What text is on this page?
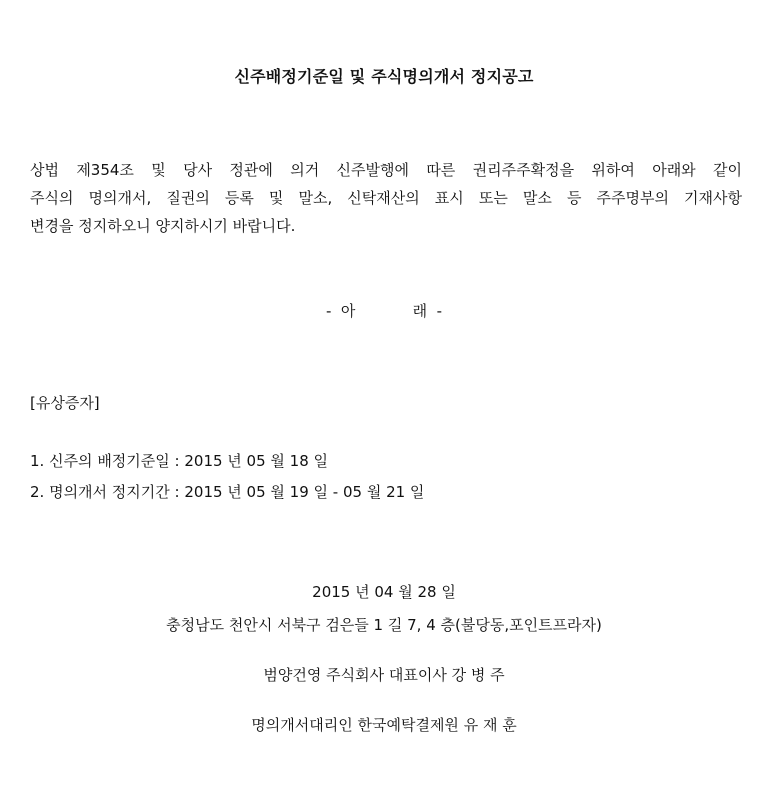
신주배정기준일 및 주식명의개서 정지공고
상법 제354조 및 당사 정관에 의거 신주발행에 따른 권리주주확정을 위하여 아래와 같이
주식의 명의개서, 질권의 등록 및 말소, 신탁재산의 표시 또는 말소 등 주주명부의 기재사항
변경을 정지하오니 양지하시기 바랍니다.
-  아            래  -
[유상증자]
1. 신주의 배정기준일 : 2015 년 05 월 18 일
2. 명의개서 정지기간 : 2015 년 05 월 19 일 - 05 월 21 일
2015 년 04 월 28 일
충청남도 천안시 서북구 검은들 1 길 7, 4 층(불당동,포인트프라자)
범양건영 주식회사 대표이사 강 병 주
명의개서대리인 한국예탁결제원 유 재 훈
